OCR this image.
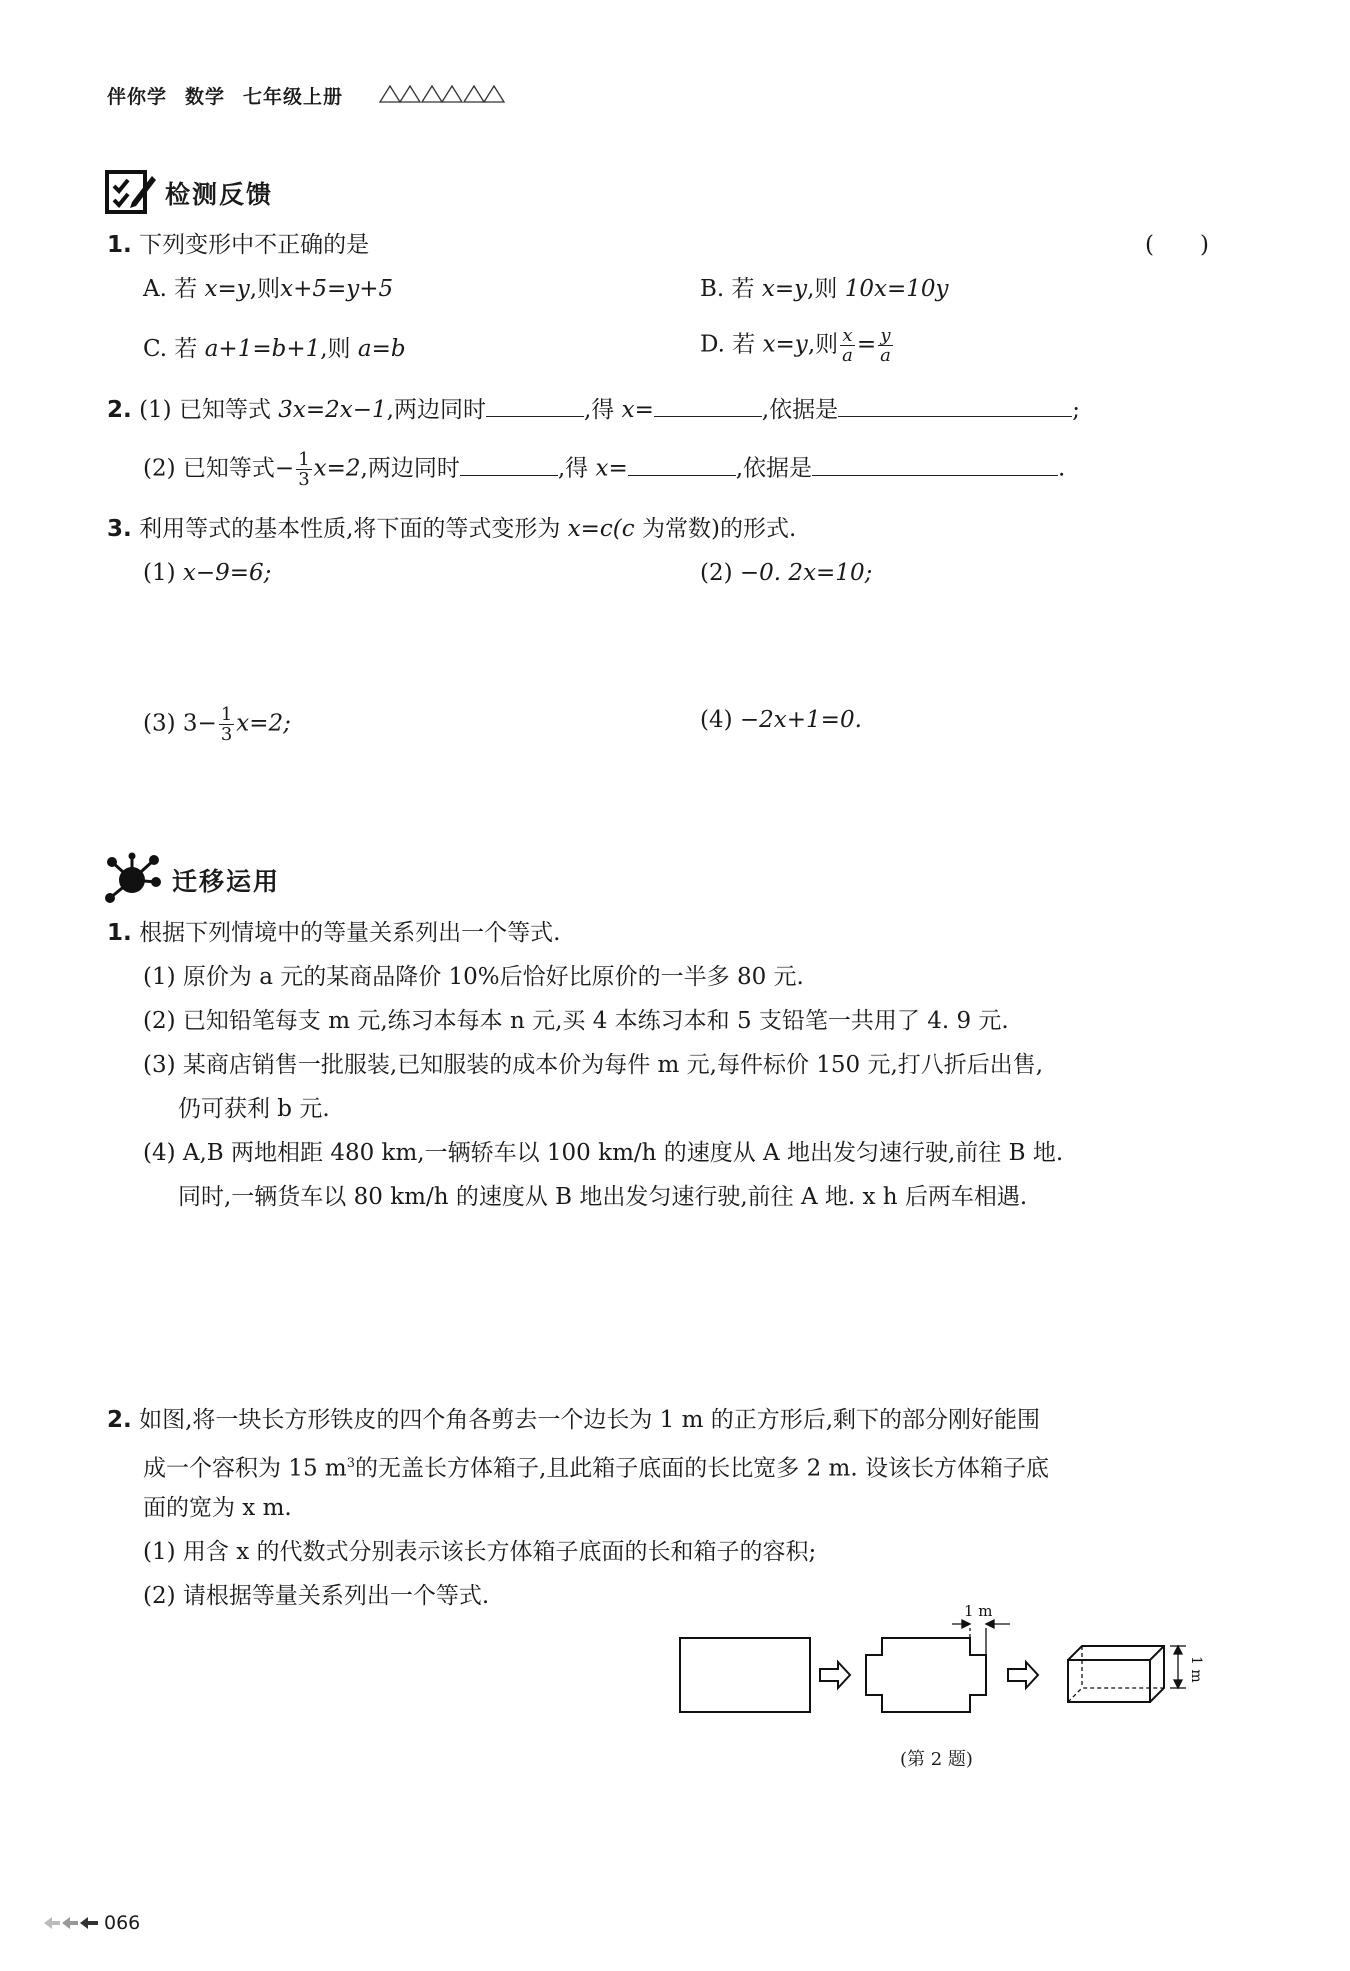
伴你学 数学 七年级上册
检测反馈
1. 下列变形中不正确的是	(　　)
A. 若 x=y,则x+5=y+5	B. 若 x=y,则 10x=10y
C. 若 a+1=b+1,则 a=b	D. 若 x=y,则 $\frac{x}{a} = \frac{y}{a}$
2. (1) 已知等式 3x=2x−1,两边同时	,得 x=	,依据是	;
(2) 已知等式− $\frac{1}{3} x=2$,两边同时	,得 x=	,依据是	.
3. 利用等式的基本性质,将下面的等式变形为 x=c(c 为常数)的形式.
(1) x−9=6;	(2) −0. 2x=10;
(3) $3- \frac{1}{3} x=2$;	(4) −2x+1=0.
迁移运用
1. 根据下列情境中的等量关系列出一个等式.
(1) 原价为 a 元的某商品降价 10%后恰好比原价的一半多 80 元.
(2) 已知铅笔每支 m 元,练习本每本 n 元,买 4 本练习本和 5 支铅笔一共用了 4. 9 元.
(3) 某商店销售一批服装,已知服装的成本价为每件 m 元,每件标价 150 元,打八折后出售,
仍可获利 b 元.
(4) A,B 两地相距 480 km,一辆轿车以 100 km/h 的速度从 A 地出发匀速行驶,前往 B 地.
同时,一辆货车以 80 km/h 的速度从 B 地出发匀速行驶,前往 A 地. x h 后两车相遇.
2. 如图,将一块长方形铁皮的四个角各剪去一个边长为 1 m 的正方形后,剩下的部分刚好能围
成一个容积为 15 $m^3$的无盖长方体箱子,且此箱子底面的长比宽多 2 m. 设该长方体箱子底
面的宽为 x m.
(1) 用含 x 的代数式分别表示该长方体箱子底面的长和箱子的容积;
(2) 请根据等量关系列出一个等式.
1 m
1 m
(第 2 题)
066
